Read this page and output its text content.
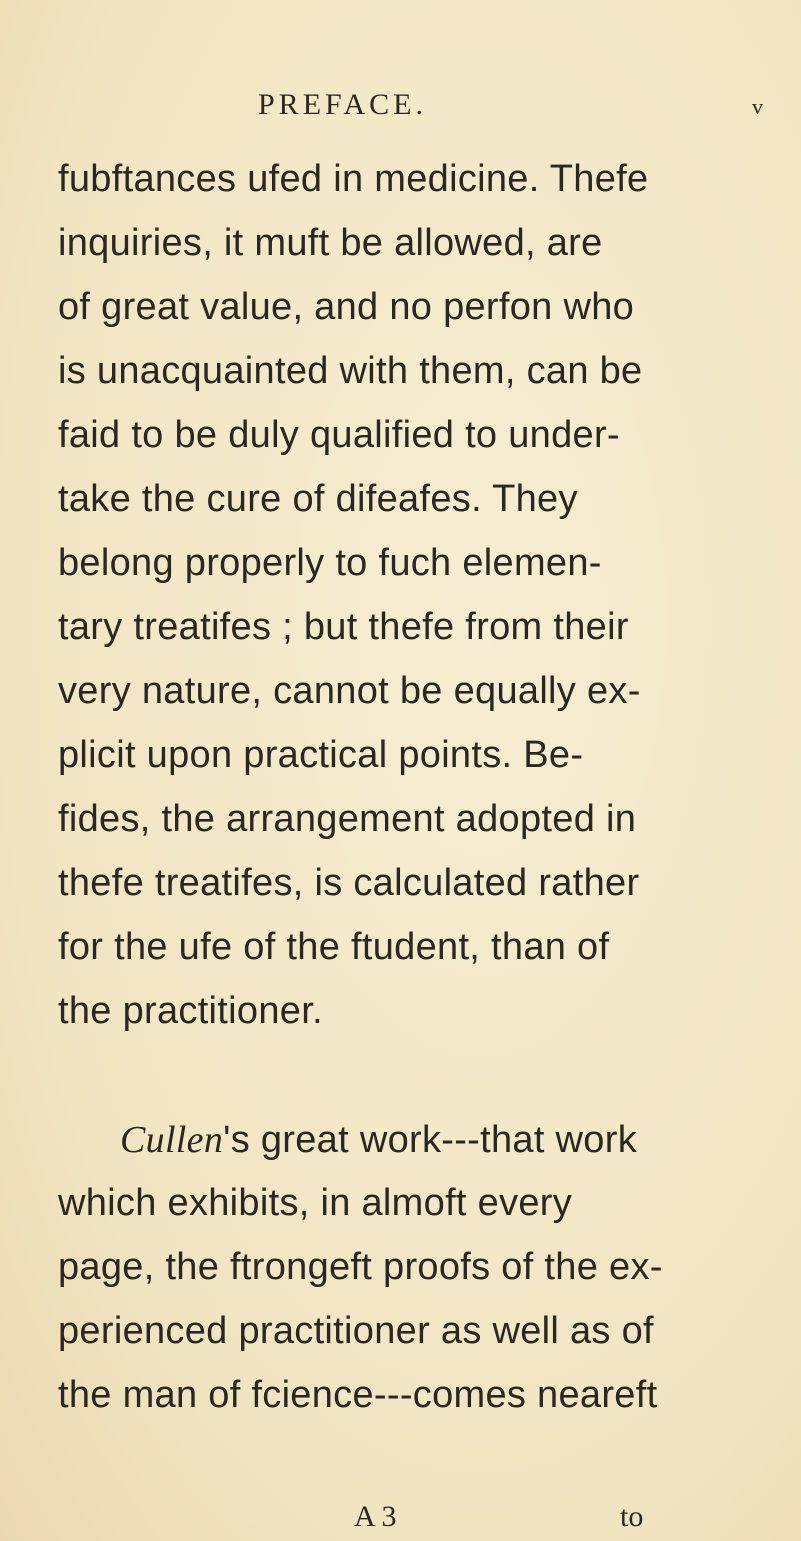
PREFACE.	v
fubftances ufed in medicine. Thefe
inquiries, it muft be allowed, are
of great value, and no perfon who
is unacquainted with them, can be
faid to be duly qualified to under-
take the cure of difeafes. They
belong properly to fuch elemen-
tary treatifes ; but thefe from their
very nature, cannot be equally ex-
plicit upon practical points. Be-
fides, the arrangement adopted in
thefe treatifes, is calculated rather
for the ufe of the ftudent, than of
the practitioner.
Cullen's great work---that work
which exhibits, in almoft every
page, the ftrongeft proofs of the ex-
perienced practitioner as well as of
the man of fcience---comes neareft
A 3	to
